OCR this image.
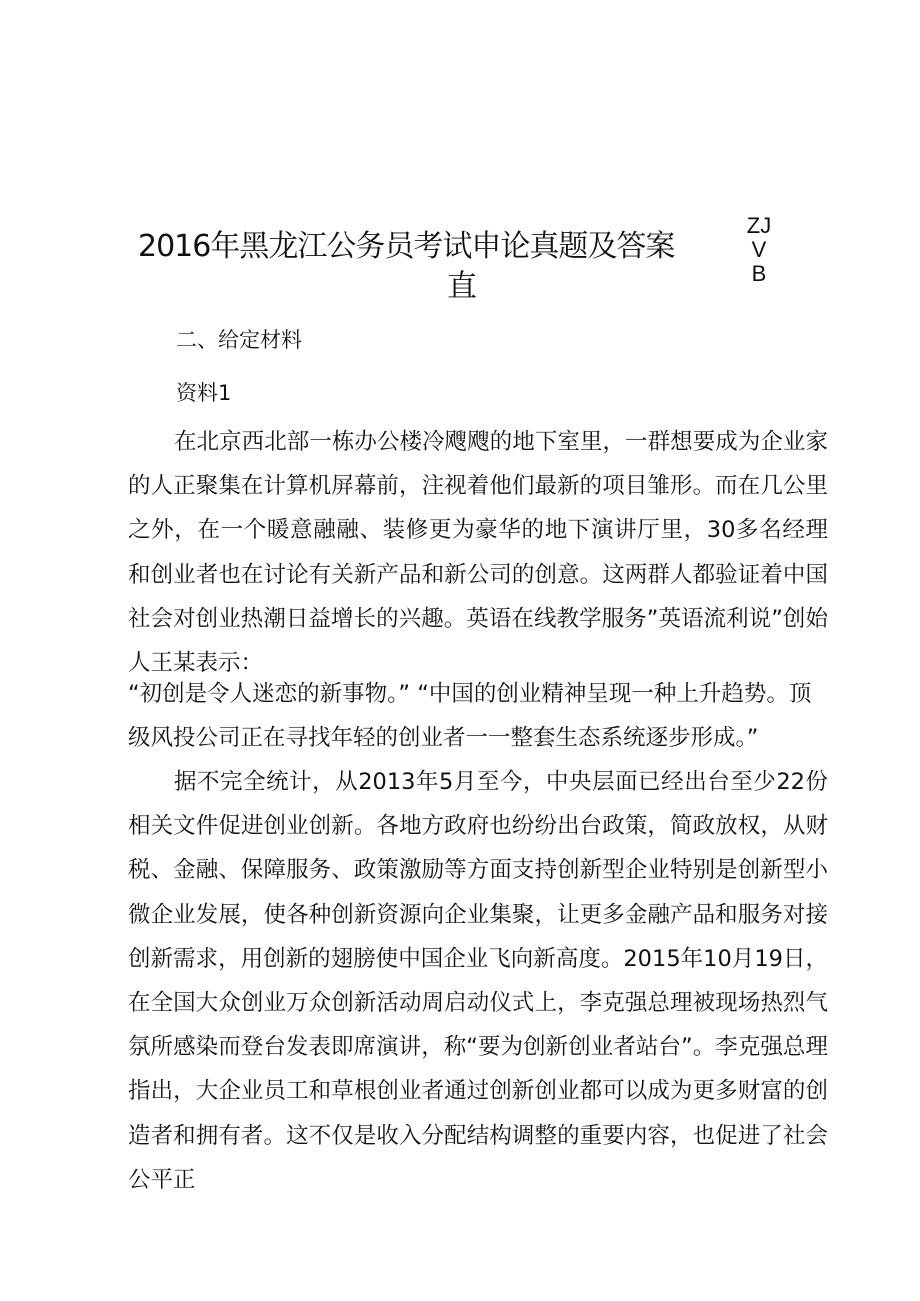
2016年黑龙江公务员考试申论真题及答案
直
ZJ
V
B
二、给定材料
资料1

在北京西北部一栋办公楼冷飕飕的地下室里，一群想要成为企业家的人正聚集在计算机屏幕前，注视着他们最新的项目雏形。而在几公里之外，在一个暖意融融、装修更为豪华的地下演讲厅里，30多名经理和创业者也在讨论有关新产品和新公司的创意。这两群人都验证着中国社会对创业热潮日益增长的兴趣。英语在线教学服务”英语流利说”创始人王某表示：

“初创是令人迷恋的新事物。” “中国的创业精神呈现一种上升趋势。顶级风投公司正在寻找年轻的创业者一一整套生态系统逐步形成。”

据不完全统计，从2013年5月至今，中央层面已经出台至少22份相关文件促进创业创新。各地方政府也纷纷出台政策，简政放权，从财税、金融、保障服务、政策激励等方面支持创新型企业特别是创新型小微企业发展，使各种创新资源向企业集聚，让更多金融产品和服务对接创新需求，用创新的翅膀使中国企业飞向新高度。2015年10月19日，在全国大众创业万众创新活动周启动仪式上，李克强总理被现场热烈气氛所感染而登台发表即席演讲，称“要为创新创业者站台”。李克强总理指出，大企业员工和草根创业者通过创新创业都可以成为更多财富的创造者和拥有者。这不仅是收入分配结构调整的重要内容，也促进了社会公平正
